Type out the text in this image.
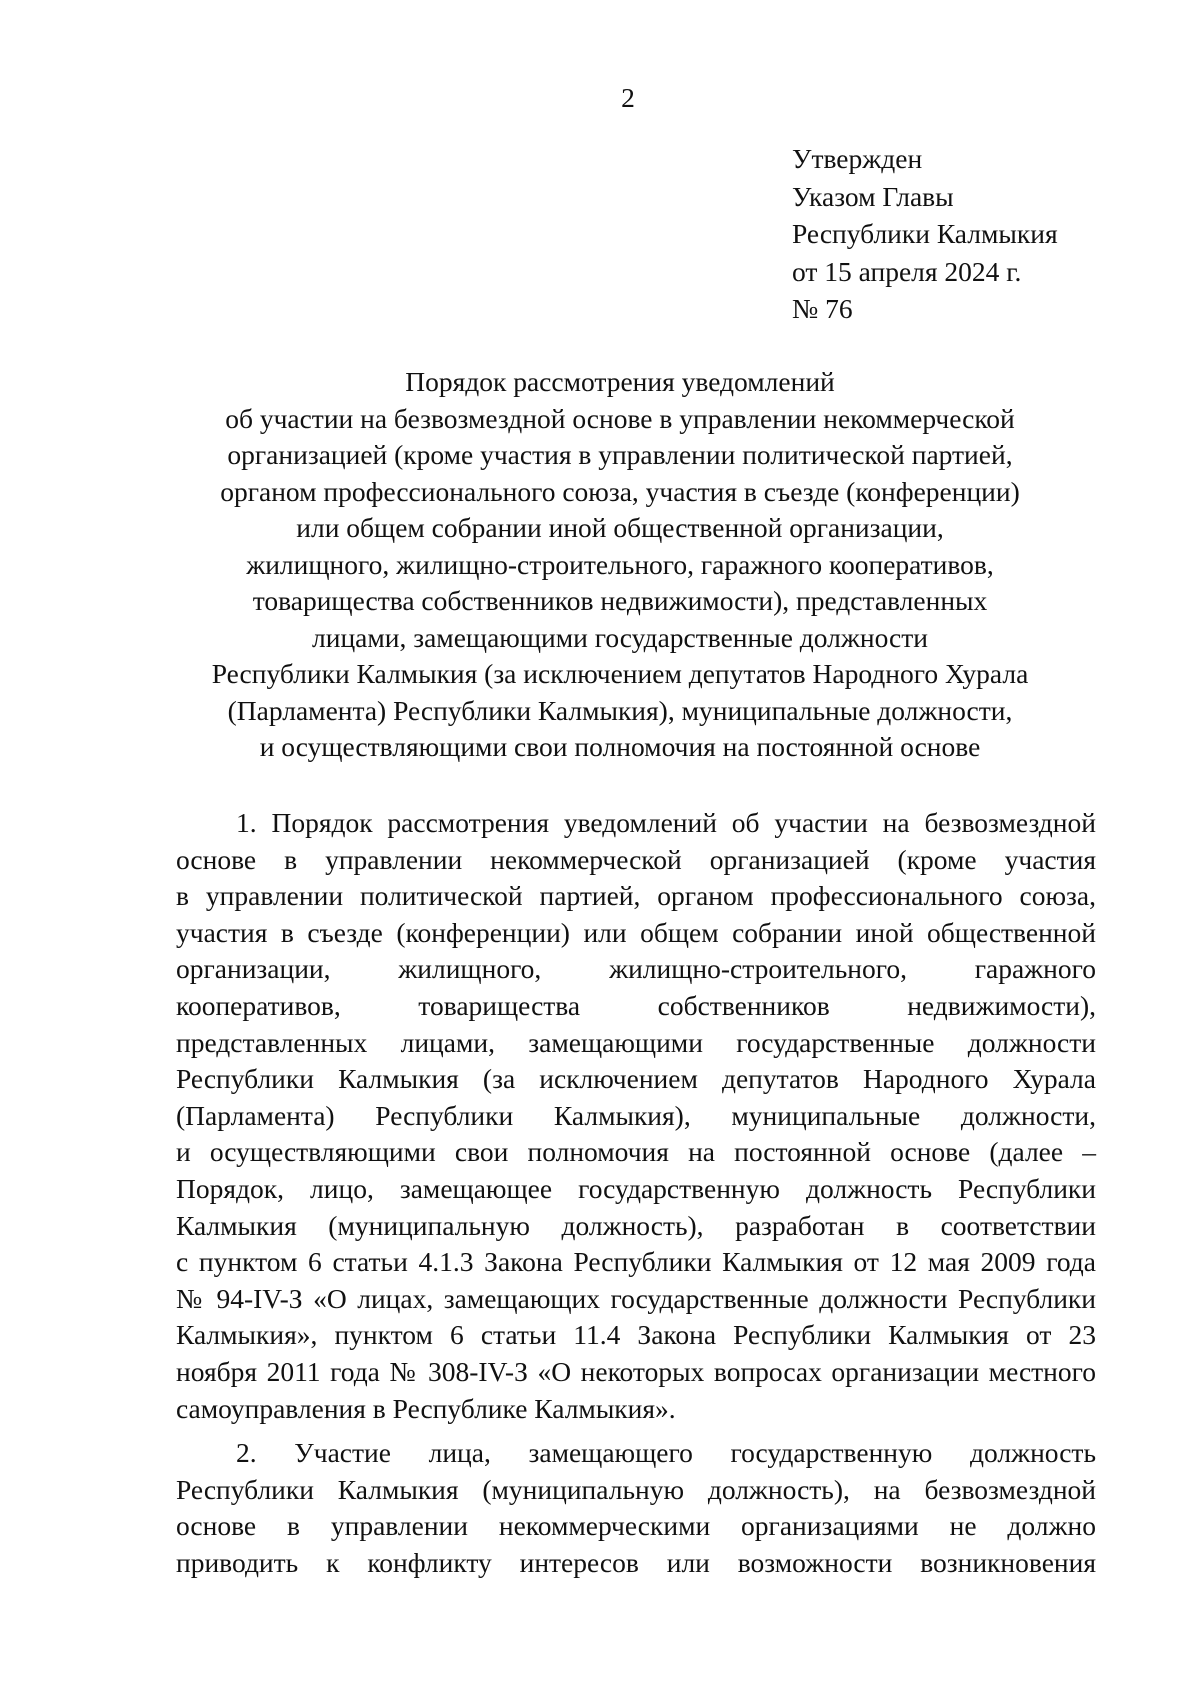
2
Утвержден
Указом Главы
Республики Калмыкия
от 15 апреля 2024 г.
№ 76
Порядок рассмотрения уведомлений
об участии на безвозмездной основе в управлении некоммерческой
организацией (кроме участия в управлении политической партией,
органом профессионального союза, участия в съезде (конференции)
или общем собрании иной общественной организации,
жилищного, жилищно-строительного, гаражного кооперативов,
товарищества собственников недвижимости), представленных
лицами, замещающими государственные должности
Республики Калмыкия (за исключением депутатов Народного Хурала
(Парламента) Республики Калмыкия), муниципальные должности,
и осуществляющими свои полномочия на постоянной основе
1. Порядок рассмотрения уведомлений об участии на безвозмездной
основе в управлении некоммерческой организацией (кроме участия
в управлении политической партией, органом профессионального союза,
участия в съезде (конференции) или общем собрании иной общественной
организации, жилищного, жилищно-строительного, гаражного
кооперативов, товарищества собственников недвижимости),
представленных лицами, замещающими государственные должности
Республики Калмыкия (за исключением депутатов Народного Хурала
(Парламента) Республики Калмыкия), муниципальные должности,
и осуществляющими свои полномочия на постоянной основе (далее –
Порядок, лицо, замещающее государственную должность Республики
Калмыкия (муниципальную должность), разработан в соответствии
с пунктом 6 статьи 4.1.3 Закона Республики Калмыкия от 12 мая 2009 года
№ 94-IV-З «О лицах, замещающих государственные должности Республики
Калмыкия», пунктом 6 статьи 11.4 Закона Республики Калмыкия от 23
ноября 2011 года № 308-IV-З «О некоторых вопросах организации местного
самоуправления в Республике Калмыкия».
2. Участие лица, замещающего государственную должность
Республики Калмыкия (муниципальную должность), на безвозмездной
основе в управлении некоммерческими организациями не должно
приводить к конфликту интересов или возможности возникновения
